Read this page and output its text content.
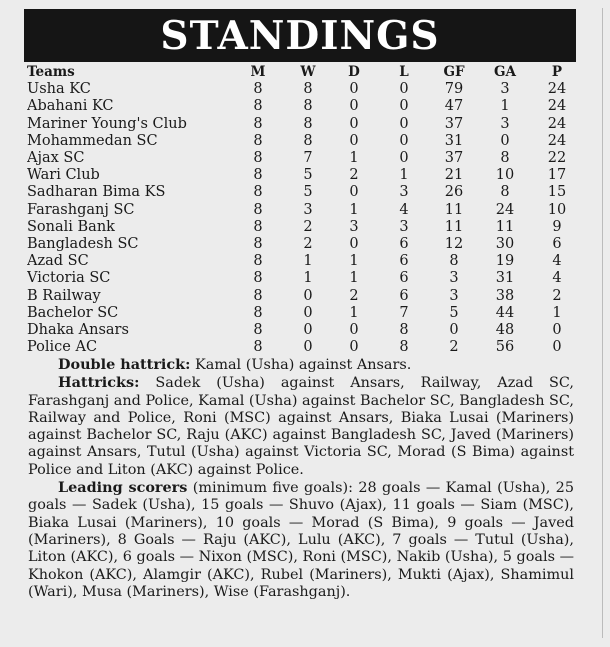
STANDINGS
Teams	M	W	D	L	GF	GA	P
Usha KC	8	8	0	0	79	3	24
Abahani KC	8	8	0	0	47	1	24
Mariner Young's Club	8	8	0	0	37	3	24
Mohammedan SC	8	8	0	0	31	0	24
Ajax SC	8	7	1	0	37	8	22
Wari Club	8	5	2	1	21	10	17
Sadharan Bima KS	8	5	0	3	26	8	15
Farashganj SC	8	3	1	4	11	24	10
Sonali Bank	8	2	3	3	11	11	9
Bangladesh SC	8	2	0	6	12	30	6
Azad SC	8	1	1	6	8	19	4
Victoria SC	8	1	1	6	3	31	4
B Railway	8	0	2	6	3	38	2
Bachelor SC	8	0	1	7	5	44	1
Dhaka Ansars	8	0	0	8	0	48	0
Police AC	8	0	0	8	2	56	0

Double hattrick: Kamal (Usha) against Ansars.

Hattricks: Sadek (Usha) against Ansars, Railway, Azad SC, Farashganj and Police, Kamal (Usha) against Bachelor SC, Bangladesh SC, Railway and Police, Roni (MSC) against Ansars, Biaka Lusai (Mariners) against Bachelor SC, Raju (AKC) against Bangladesh SC, Javed (Mariners) against Ansars, Tutul (Usha) against Victoria SC, Morad (S Bima) against Police and Liton (AKC) against Police.

Leading scorers (minimum five goals): 28 goals — Kamal (Usha), 25 goals — Sadek (Usha), 15 goals — Shuvo (Ajax), 11 goals — Siam (MSC), Biaka Lusai (Mariners), 10 goals — Morad (S Bima), 9 goals — Javed (Mariners), 8 Goals — Raju (AKC), Lulu (AKC), 7 goals — Tutul (Usha), Liton (AKC), 6 goals — Nixon (MSC), Roni (MSC), Nakib (Usha), 5 goals — Khokon (AKC), Alamgir (AKC), Rubel (Mariners), Mukti (Ajax), Shamimul (Wari), Musa (Mariners), Wise (Farashganj).
